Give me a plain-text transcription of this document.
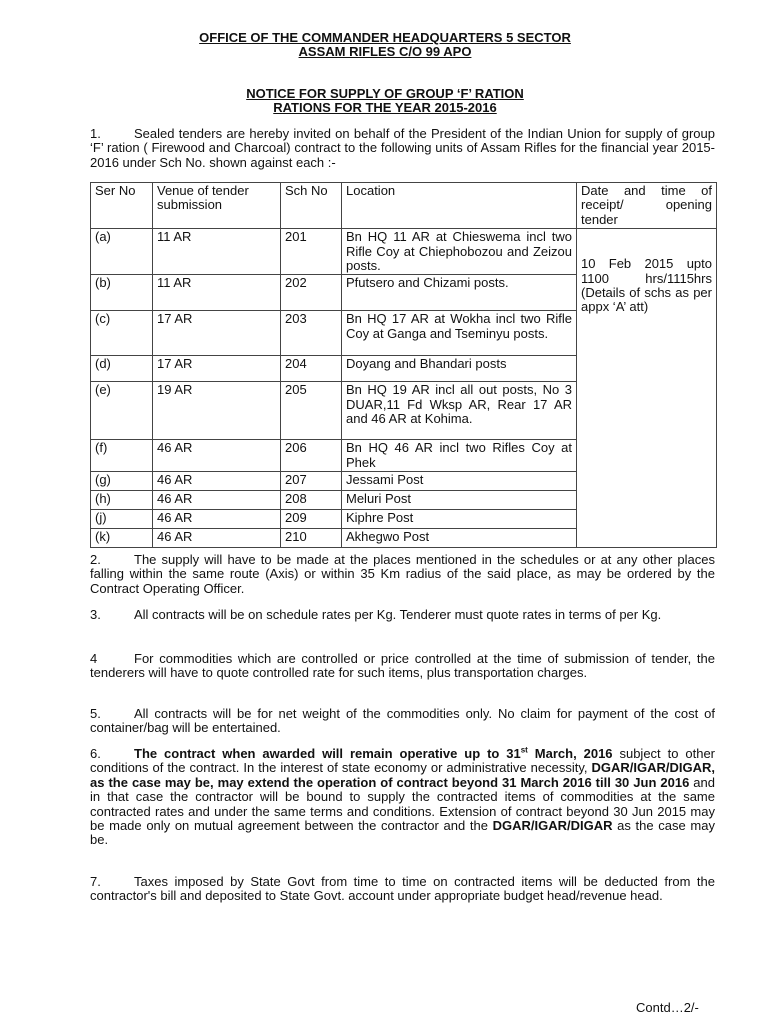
OFFICE OF THE COMMANDER HEADQUARTERS 5 SECTOR
ASSAM RIFLES C/O 99 APO
NOTICE FOR SUPPLY OF GROUP ‘F’ RATION
RATIONS FOR THE YEAR 2015-2016
1.	Sealed tenders are hereby invited on behalf of the President of the Indian Union for supply of group ‘F’ ration ( Firewood and Charcoal) contract to the following units of Assam Rifles for the financial year 2015-2016 under Sch No. shown against each :-
Ser No	Venue of tender submission	Sch No	Location	Date and time of receipt/ opening tender
(a)	11 AR	201	Bn HQ 11 AR at Chieswema incl two Rifle Coy at Chiephobozou and Zeizou posts.	10 Feb 2015 upto 1100 hrs/1115hrs (Details of schs as per appx ‘A’ att)
(b)	11 AR	202	Pfutsero and Chizami posts.	
(c)	17 AR	203	Bn HQ 17 AR at Wokha incl two Rifle Coy at Ganga and Tseminyu posts.	
(d)	17 AR	204	Doyang and Bhandari posts	
(e)	19 AR	205	Bn HQ 19 AR incl all out posts, No 3 DUAR,11 Fd Wksp AR, Rear 17 AR and 46 AR at Kohima.	
(f)	46 AR	206	Bn HQ 46 AR incl two Rifles Coy at Phek	
(g)	46 AR	207	Jessami Post	
(h)	46 AR	208	Meluri Post	
(j)	46 AR	209	Kiphre Post	
(k)	46 AR	210	Akhegwo Post	
2.	The supply will have to be made at the places mentioned in the schedules or at any other places falling within the same route (Axis) or within 35 Km radius of the said place, as may be ordered by the Contract Operating Officer.
3.	All contracts will be on schedule rates per Kg. Tenderer must quote rates in terms of per Kg.
4	For commodities which are controlled or price controlled at the time of submission of tender, the tenderers will have to quote controlled rate for such items, plus transportation charges.
5.	All contracts will be for net weight of the commodities only. No claim for payment of the cost of container/bag will be entertained.
6.	The contract when awarded will remain operative up to 31st March, 2016 subject to other conditions of the contract. In the interest of state economy or administrative necessity, DGAR/IGAR/DIGAR, as the case may be, may extend the operation of contract beyond 31 March 2016 till 30 Jun 2016 and in that case the contractor will be bound to supply the contracted items of commodities at the same contracted rates and under the same terms and conditions. Extension of contract beyond 30 Jun 2015 may be made only on mutual agreement between the contractor and the DGAR/IGAR/DIGAR as the case may be.
7.	Taxes imposed by State Govt from time to time on contracted items will be deducted from the contractor's bill and deposited to State Govt. account under appropriate budget head/revenue head.
Contd…2/-
